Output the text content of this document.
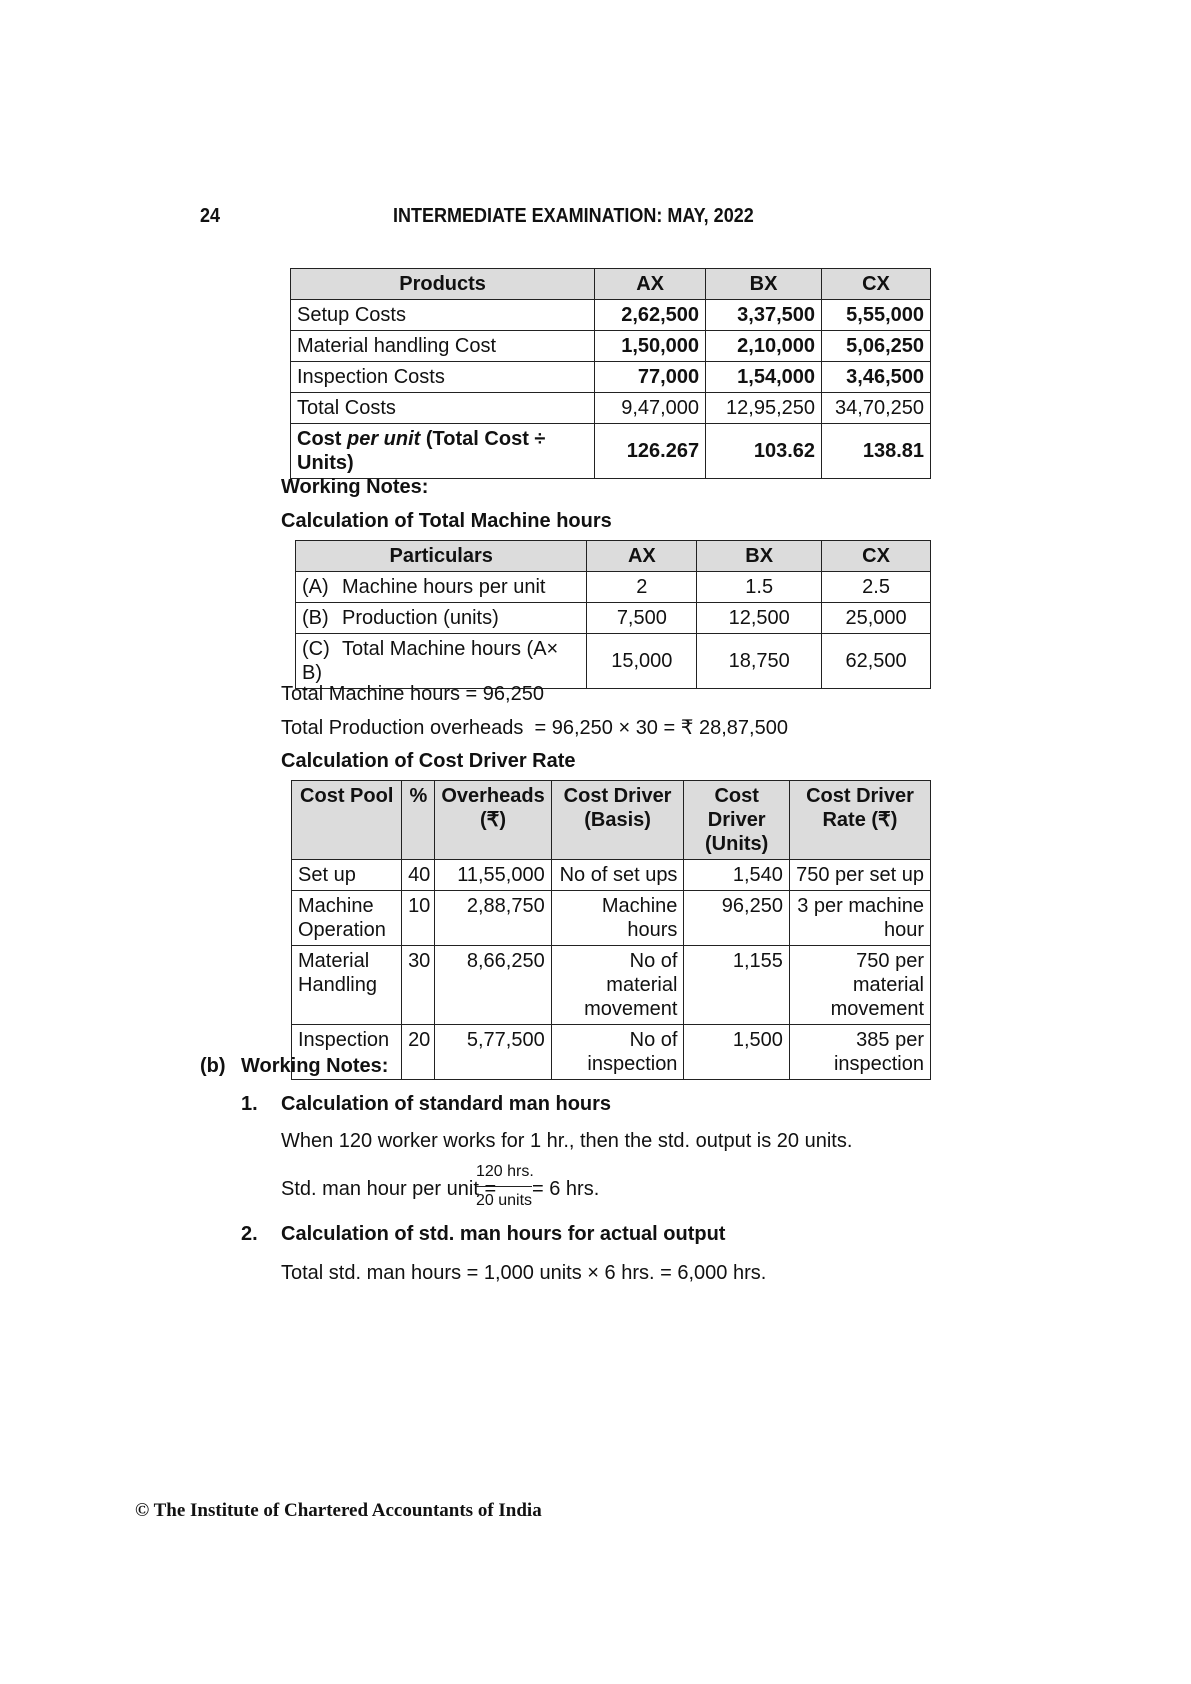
24	INTERMEDIATE EXAMINATION: MAY, 2022
Products	AX	BX	CX
Setup Costs	2,62,500	3,37,500	5,55,000
Material handling Cost	1,50,000	2,10,000	5,06,250
Inspection Costs	77,000	1,54,000	3,46,500
Total Costs	9,47,000	12,95,250	34,70,250
Cost per unit (Total Cost ÷ Units)	126.267	103.62	138.81
Working Notes:
Calculation of Total Machine hours
Particulars	AX	BX	CX
(A) Machine hours per unit	2	1.5	2.5
(B) Production (units)	7,500	12,500	25,000
(C) Total Machine hours (A× B)	15,000	18,750	62,500
Total Machine hours = 96,250
Total Production overheads  = 96,250 × 30 = ₹ 28,87,500
Calculation of Cost Driver Rate
Cost Pool	%	Overheads (₹)	Cost Driver (Basis)	Cost Driver (Units)	Cost Driver Rate (₹)
Set up	40	11,55,000	No of set ups	1,540	750 per set up
Machine Operation	10	2,88,750	Machine hours	96,250	3 per machine hour
Material Handling	30	8,66,250	No of material movement	1,155	750 per material movement
Inspection	20	5,77,500	No of inspection	1,500	385 per inspection
(b) Working Notes:
1. Calculation of standard man hours
When 120 worker works for 1 hr., then the std. output is 20 units.
Std. man hour per unit =
120 hrs.
20 units
= 6 hrs.
2. Calculation of std. man hours for actual output
Total std. man hours = 1,000 units × 6 hrs. = 6,000 hrs.
© The Institute of Chartered Accountants of India
